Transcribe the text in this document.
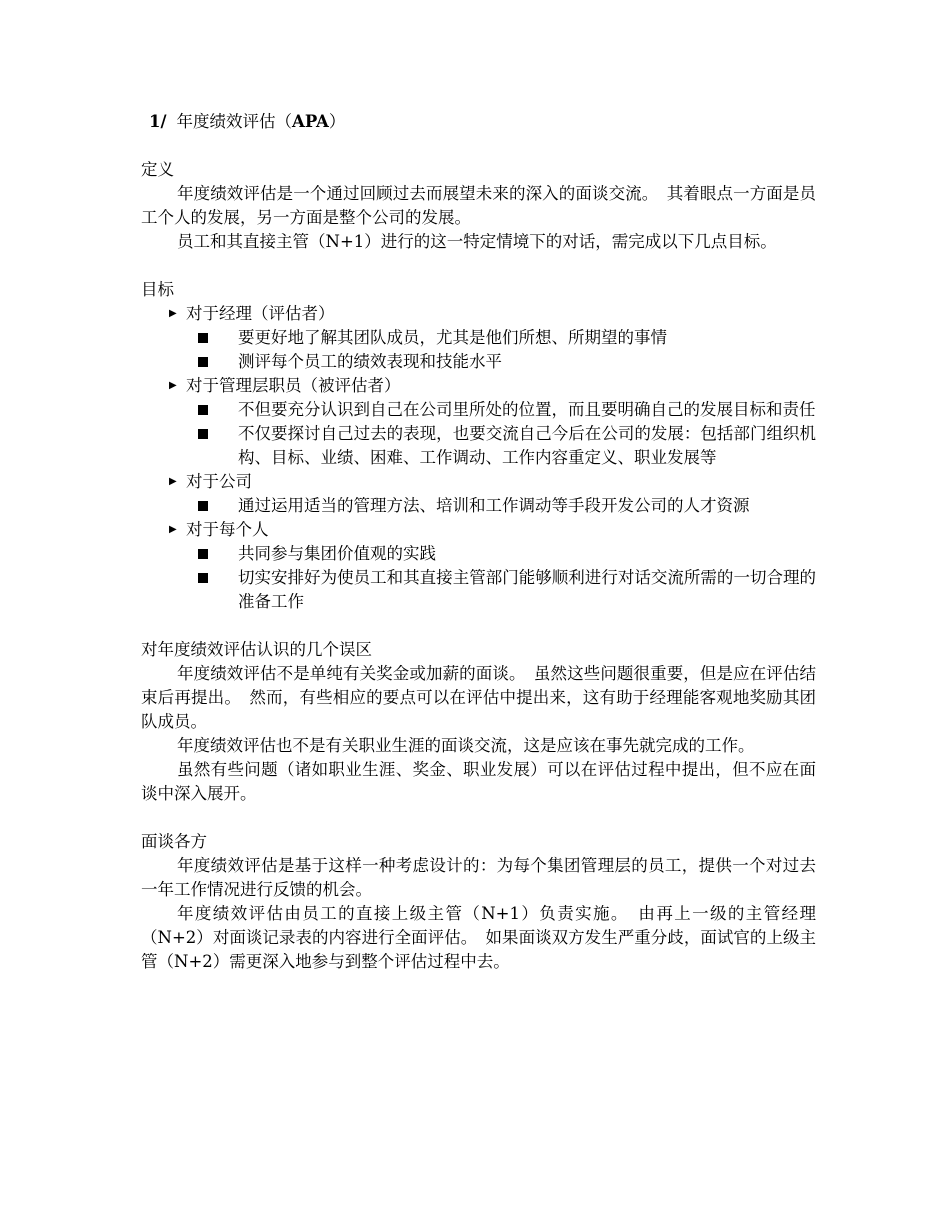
1/ 年度绩效评估（APA）

定义

年度绩效评估是一个通过回顾过去而展望未来的深入的面谈交流。　其着眼点一方面是员工个人的发展，另一方面是整个公司的发展。

员工和其直接主管（N+1）进行的这一特定情境下的对话，需完成以下几点目标。

目标

▶ 对于经理（评估者）
要更好地了解其团队成员，尤其是他们所想、所期望的事情
测评每个员工的绩效表现和技能水平
▶ 对于管理层职员（被评估者）
不但要充分认识到自己在公司里所处的位置，而且要明确自己的发展目标和责任
不仅要探讨自己过去的表现，也要交流自己今后在公司的发展：包括部门组织机构、目标、业绩、困难、工作调动、工作内容重定义、职业发展等
▶ 对于公司
通过运用适当的管理方法、培训和工作调动等手段开发公司的人才资源
▶ 对于每个人
共同参与集团价值观的实践
切实安排好为使员工和其直接主管部门能够顺利进行对话交流所需的一切合理的准备工作

对年度绩效评估认识的几个误区

年度绩效评估不是单纯有关奖金或加薪的面谈。　虽然这些问题很重要，但是应在评估结束后再提出。　然而，有些相应的要点可以在评估中提出来，这有助于经理能客观地奖励其团队成员。

年度绩效评估也不是有关职业生涯的面谈交流，这是应该在事先就完成的工作。

虽然有些问题（诸如职业生涯、奖金、职业发展）可以在评估过程中提出，但不应在面谈中深入展开。

面谈各方

年度绩效评估是基于这样一种考虑设计的：为每个集团管理层的员工，提供一个对过去一年工作情况进行反馈的机会。

年度绩效评估由员工的直接上级主管（N+1）负责实施。　由再上一级的主管经理（N+2）对面谈记录表的内容进行全面评估。　如果面谈双方发生严重分歧，面试官的上级主管（N+2）需更深入地参与到整个评估过程中去。
